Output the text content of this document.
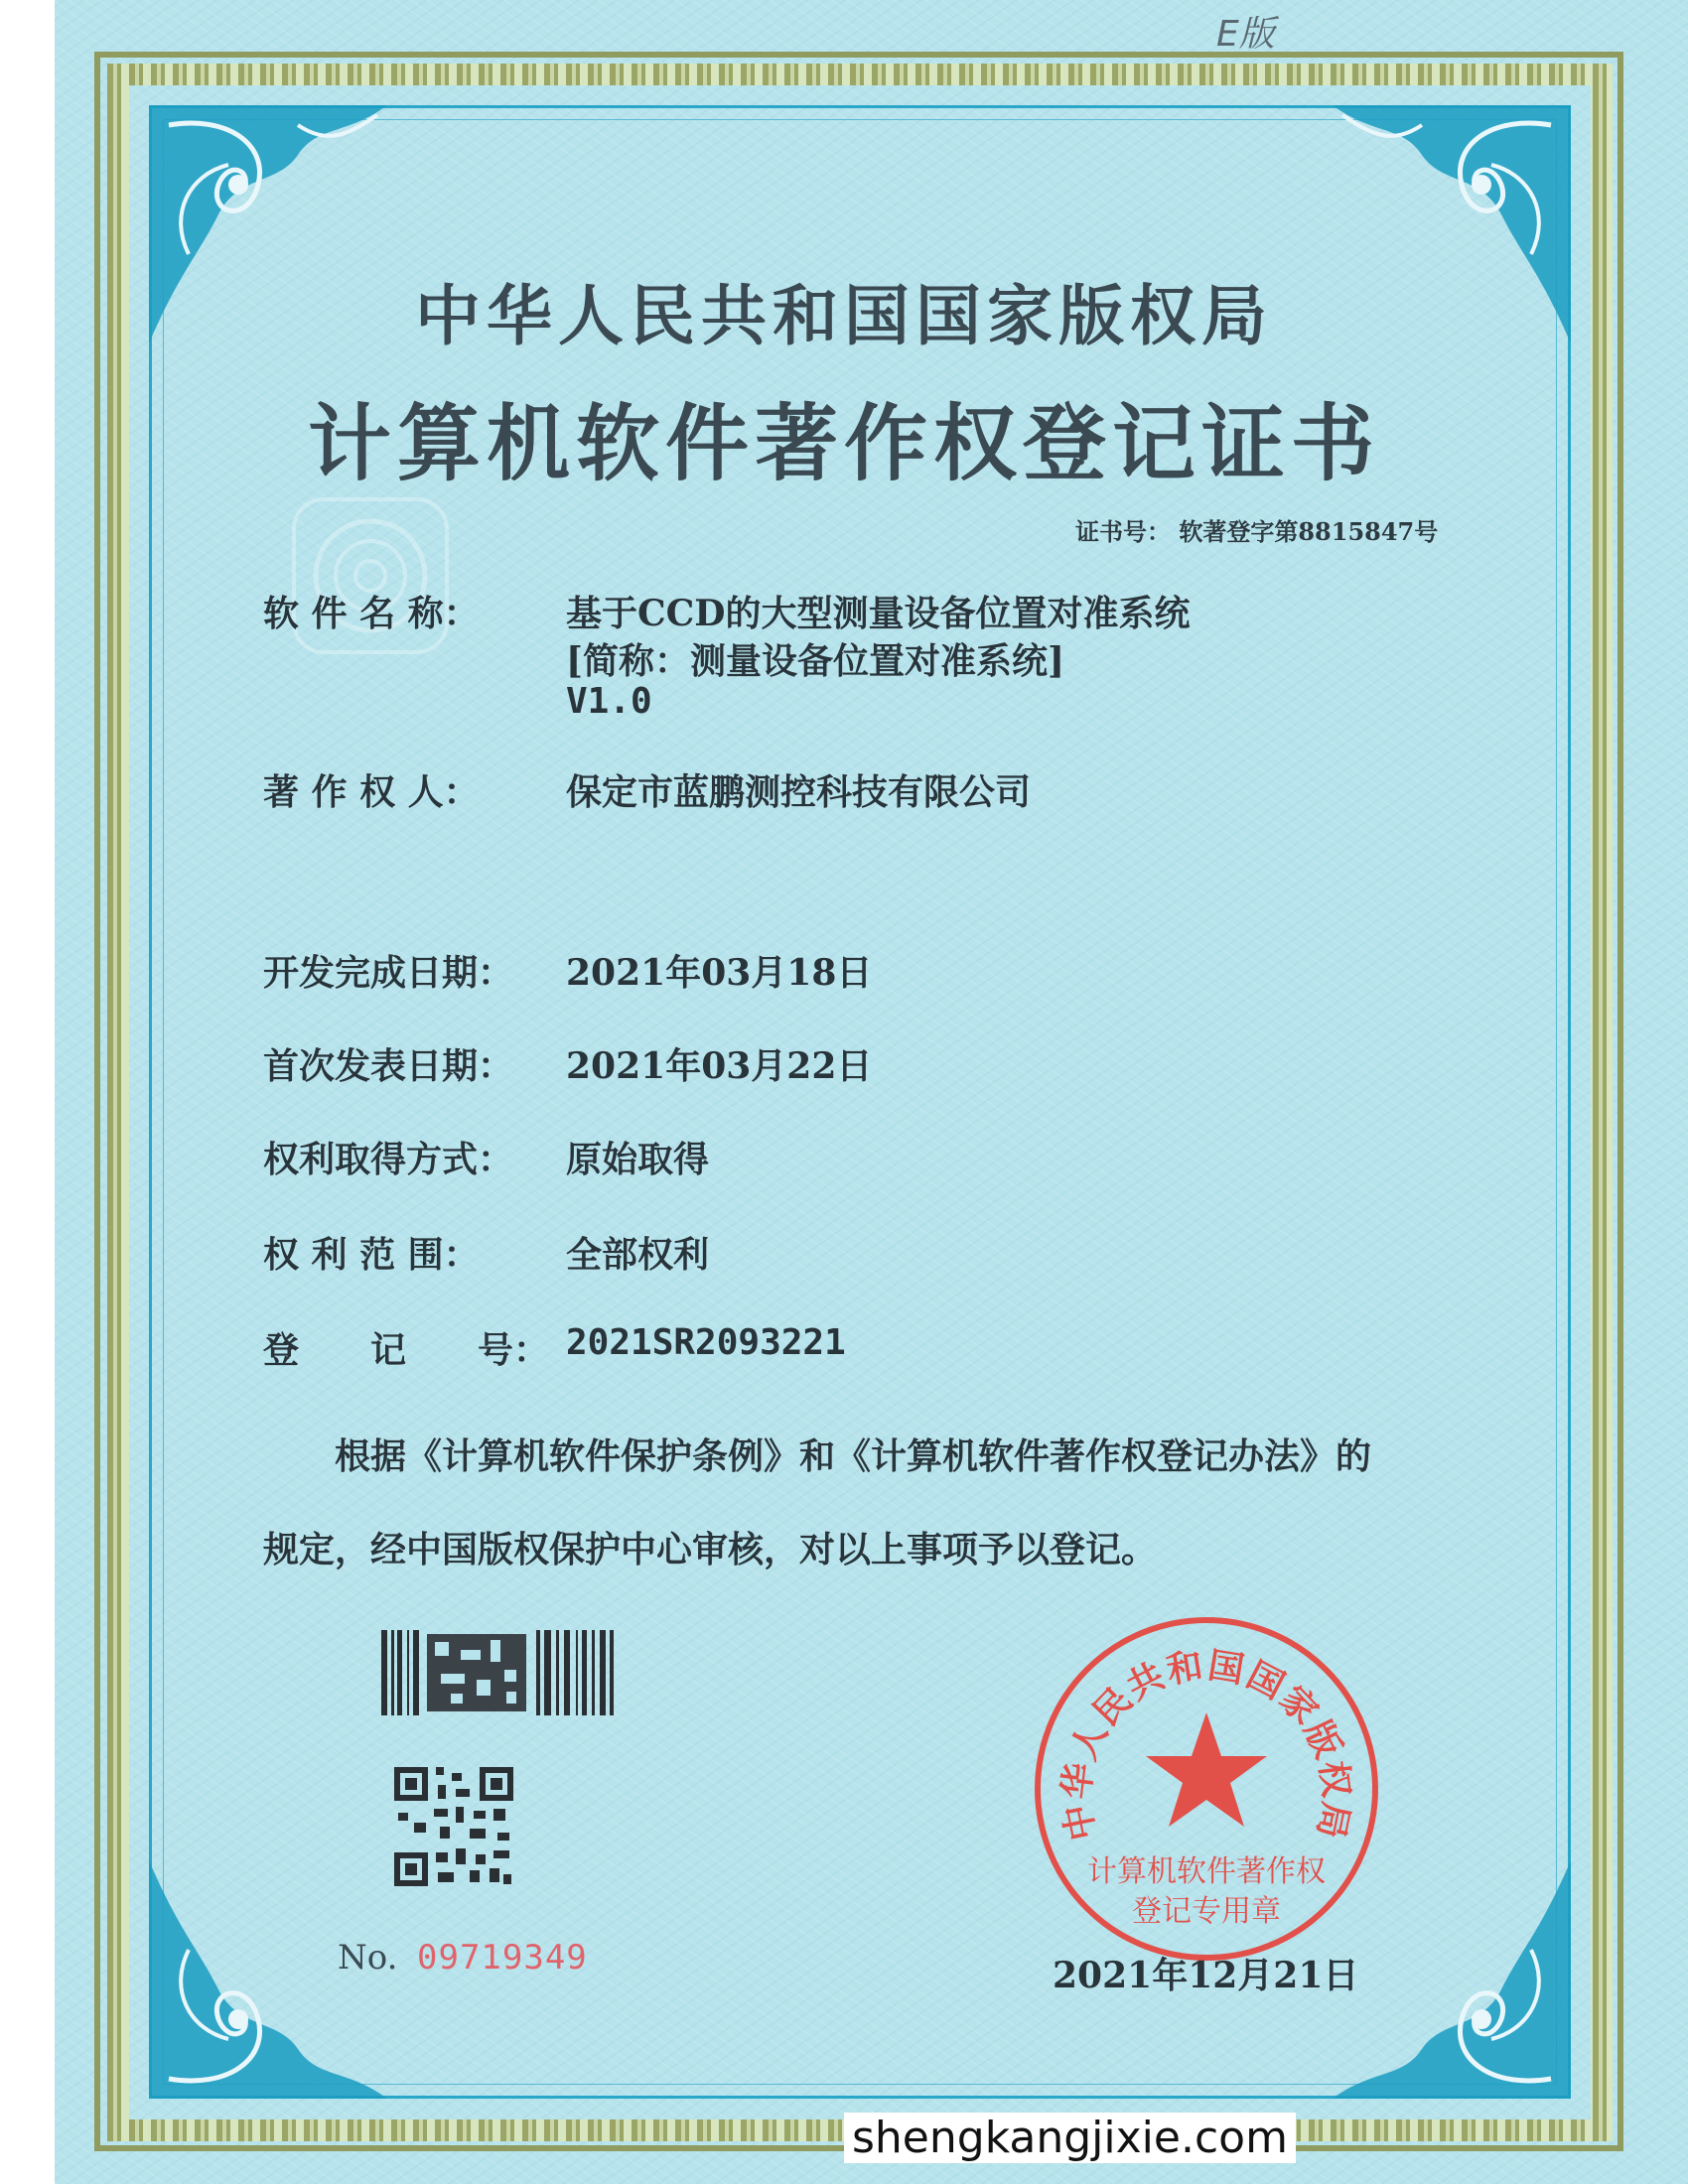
E版
中华人民共和国国家版权局
计算机软件著作权登记证书
证书号： 软著登字第8815847号
软 件 名 称： 基于CCD的大型测量设备位置对准系统
[简称：测量设备位置对准系统]
V1.0
著 作 权 人： 保定市蓝鹏测控科技有限公司
开发完成日期： 2021年03月18日
首次发表日期： 2021年03月22日
权利取得方式： 原始取得
权 利 范 围： 全部权利
登　　记　　号： 2021SR2093221
根据《计算机软件保护条例》和《计算机软件著作权登记办法》的
规定，经中国版权保护中心审核，对以上事项予以登记。
No. 09719349
中华人民共和国国家版权局
计算机软件著作权
登记专用章
2021年12月21日
shengkangjixie.com
